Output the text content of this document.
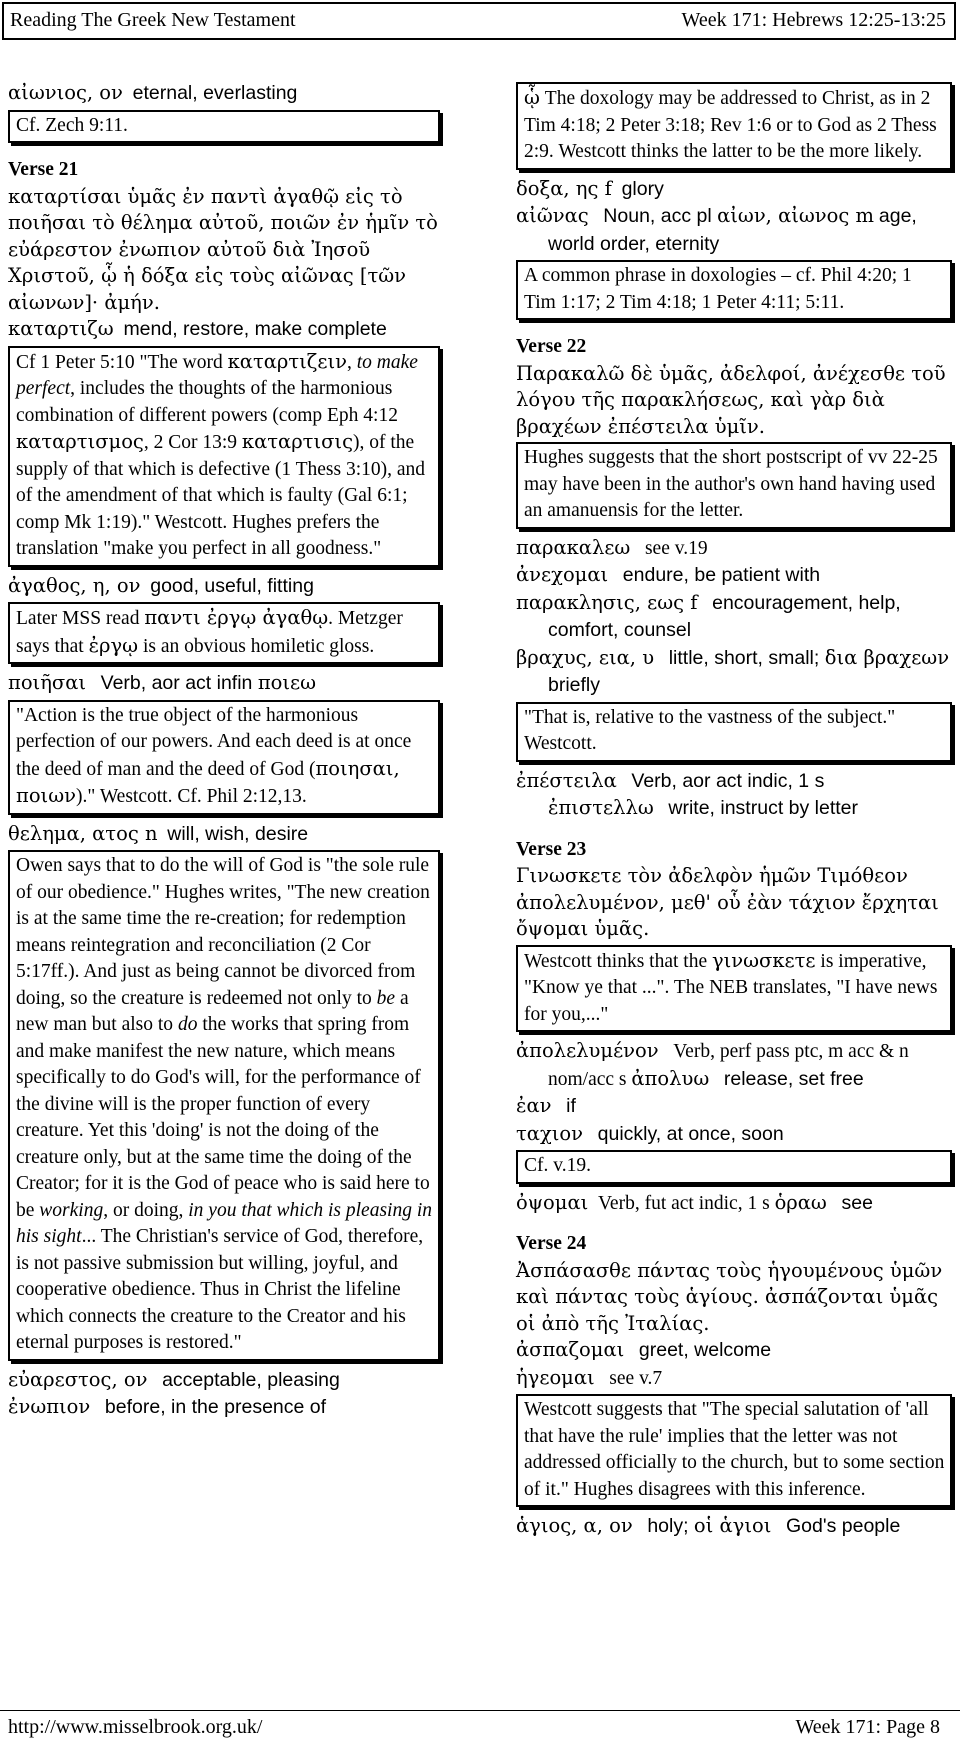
Reading The Greek New Testament	Week 171: Hebrews 12:25-13:25

αἰωνιος, ον eternal, everlasting

Cf. Zech 9:11.

Verse 21

καταρτίσαι ὑμᾶς ἐν παντὶ ἀγαθῷ εἰς τὸ ποιῆσαι τὸ θέλημα αὐτοῦ, ποιῶν ἐν ἡμῖν τὸ εὐάρεστον ἐνωπιον αὐτοῦ διὰ Ἰησοῦ Χριστοῦ, ᾧ ἡ δόξα εἰς τοὺς αἰῶνας [τῶν αἰωνων]· ἀμήν.

καταρτιζω mend, restore, make complete

Cf 1 Peter 5:10 "The word καταρτιζειν, to make perfect, includes the thoughts of the harmonious combination of different powers (comp Eph 4:12 καταρτισμος, 2 Cor 13:9 καταρτισις), of the supply of that which is defective (1 Thess 3:10), and of the amendment of that which is faulty (Gal 6:1; comp Mk 1:19)." Westcott. Hughes prefers the translation "make you perfect in all goodness."

ἀγαθος, η, ον good, useful, fitting

Later MSS read παντι ἐργῳ ἀγαθῳ. Metzger says that ἐργῳ is an obvious homiletic gloss.

ποιῆσαι Verb, aor act infin ποιεω

"Action is the true object of the harmonious perfection of our powers. And each deed is at once the deed of man and the deed of God (ποιησαι, ποιων)." Westcott. Cf. Phil 2:12,13.

θελημα, ατος n will, wish, desire

Owen says that to do the will of God is "the sole rule of our obedience." Hughes writes, "The new creation is at the same time the re-creation; for redemption means reintegration and reconciliation (2 Cor 5:17ff.). And just as being cannot be divorced from doing, so the creature is redeemed not only to be a new man but also to do the works that spring from and make manifest the new nature, which means specifically to do God's will, for the performance of the divine will is the proper function of every creature. Yet this 'doing' is not the doing of the creature only, but at the same time the doing of the Creator; for it is the God of peace who is said here to be working, or doing, in you that which is pleasing in his sight... The Christian's service of God, therefore, is not passive submission but willing, joyful, and cooperative obedience. Thus in Christ the lifeline which connects the creature to the Creator and his eternal purposes is restored."

εὐαρεστος, ον acceptable, pleasing

ἐνωπιον before, in the presence of

ᾧ The doxology may be addressed to Christ, as in 2 Tim 4:18; 2 Peter 3:18; Rev 1:6 or to God as 2 Thess 2:9. Westcott thinks the latter to be the more likely.

δοξα, ης f glory

αἰῶνας Noun, acc pl αἰων, αἰωνος m age, world order, eternity

A common phrase in doxologies – cf. Phil 4:20; 1 Tim 1:17; 2 Tim 4:18; 1 Peter 4:11; 5:11.

Verse 22

Παρακαλῶ δὲ ὑμᾶς, ἀδελφοί, ἀνέχεσθε τοῦ λόγου τῆς παρακλήσεως, καὶ γὰρ διὰ βραχέων ἐπέστειλα ὑμῖν.

Hughes suggests that the short postscript of vv 22-25 may have been in the author's own hand having used an amanuensis for the letter.

παρακαλεω see v.19

ἀνεχομαι endure, be patient with

παρακλησις, εως f encouragement, help, comfort, counsel

βραχυς, εια, υ little, short, small; δια βραχεων briefly

"That is, relative to the vastness of the subject." Westcott.

ἐπέστειλα Verb, aor act indic, 1 s ἐπιστελλω write, instruct by letter

Verse 23

Γινωσκετε τὸν ἀδελφὸν ἡμῶν Τιμόθεον ἀπολελυμένον, μεθ' οὗ ἐὰν τάχιον ἔρχηται ὄψομαι ὑμᾶς.

Westcott thinks that the γινωσκετε is imperative, "Know ye that ...". The NEB translates, "I have news for you,..."

ἀπολελυμένον Verb, perf pass ptc, m acc & n nom/acc s ἀπολυω release, set free

ἐαν if

ταχιον quickly, at once, soon

Cf. v.19.

ὀψομαι Verb, fut act indic, 1 s ὁραω see

Verse 24

Ἀσπάσασθε πάντας τοὺς ἡγουμένους ὑμῶν καὶ πάντας τοὺς ἁγίους. ἀσπάζονται ὑμᾶς οἱ ἀπὸ τῆς Ἰταλίας.

ἀσπαζομαι greet, welcome

ἡγεομαι see v.7

Westcott suggests that "The special salutation of 'all that have the rule' implies that the letter was not addressed officially to the church, but to some section of it." Hughes disagrees with this inference.

ἁγιος, α, ον holy; οἱ ἁγιοι God's people

http://www.misselbrook.org.uk/	Week 171: Page 8
